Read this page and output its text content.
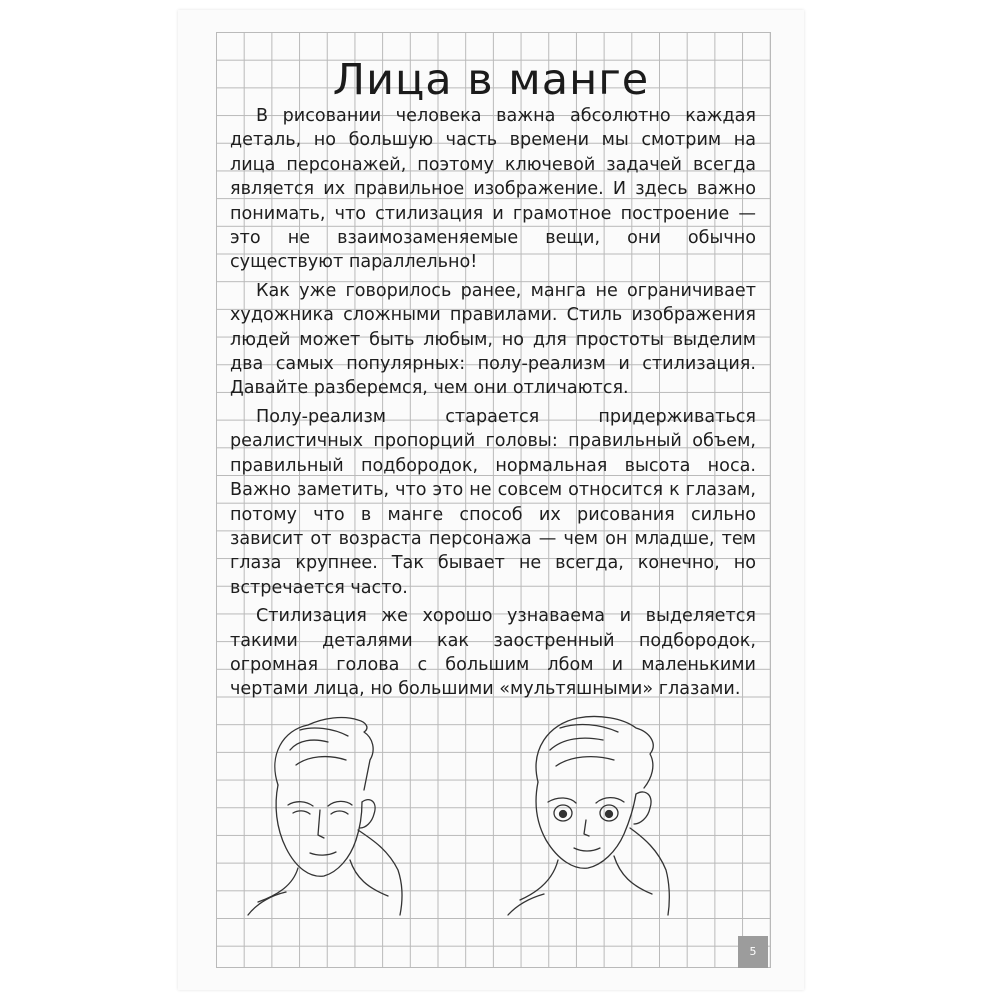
Лица в манге

В рисовании человека важна абсолютно каждая деталь, но большую часть времени мы смотрим на лица персонажей, поэтому ключевой задачей всегда является их правильное изображение. И здесь важно понимать, что стилизация и грамотное построение — это не взаимозаменяемые вещи, они обычно существуют параллельно!

Как уже говорилось ранее, манга не ограничивает художника сложными правилами. Стиль изображения людей может быть любым, но для простоты выделим два самых популярных: полу-реализм и стилизация. Давайте разберемся, чем они отличаются.

Полу-реализм старается придерживаться реалистичных пропорций головы: правильный объем, правильный подбородок, нормальная высота носа. Важно заметить, что это не совсем относится к глазам, потому что в манге способ их рисования сильно зависит от возраста персонажа — чем он младше, тем глаза крупнее. Так бывает не всегда, конечно, но встречается часто.

Стилизация же хорошо узнаваема и выделяется такими деталями как заостренный подбородок, огромная голова с большим лбом и маленькими чертами лица, но большими «мультяшными» глазами.

5
